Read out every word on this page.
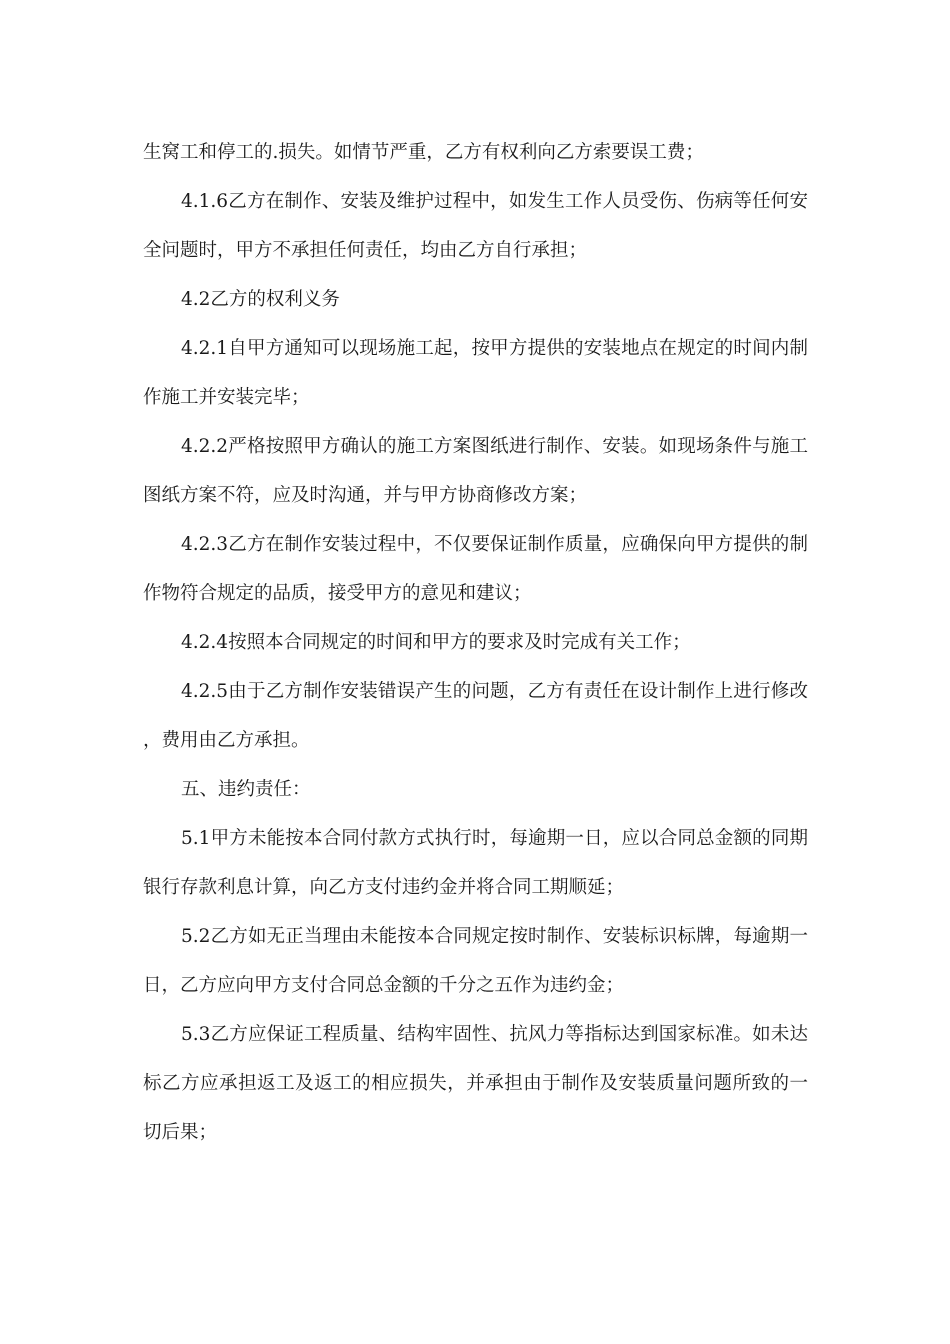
生窝工和停工的.损失。如情节严重，乙方有权利向乙方索要误工费；

4.1.6乙方在制作、安装及维护过程中，如发生工作人员受伤、伤病等任何安全问题时，甲方不承担任何责任，均由乙方自行承担；

4.2乙方的权利义务

4.2.1自甲方通知可以现场施工起，按甲方提供的安装地点在规定的时间内制作施工并安装完毕；

4.2.2严格按照甲方确认的施工方案图纸进行制作、安装。如现场条件与施工图纸方案不符，应及时沟通，并与甲方协商修改方案；

4.2.3乙方在制作安装过程中，不仅要保证制作质量，应确保向甲方提供的制作物符合规定的品质，接受甲方的意见和建议；

4.2.4按照本合同规定的时间和甲方的要求及时完成有关工作；

4.2.5由于乙方制作安装错误产生的问题，乙方有责任在设计制作上进行修改，费用由乙方承担。

五、违约责任：

5.1甲方未能按本合同付款方式执行时，每逾期一日，应以合同总金额的同期银行存款利息计算，向乙方支付违约金并将合同工期顺延；

5.2乙方如无正当理由未能按本合同规定按时制作、安装标识标牌，每逾期一日，乙方应向甲方支付合同总金额的千分之五作为违约金；

5.3乙方应保证工程质量、结构牢固性、抗风力等指标达到国家标准。如未达标乙方应承担返工及返工的相应损失，并承担由于制作及安装质量问题所致的一切后果；
